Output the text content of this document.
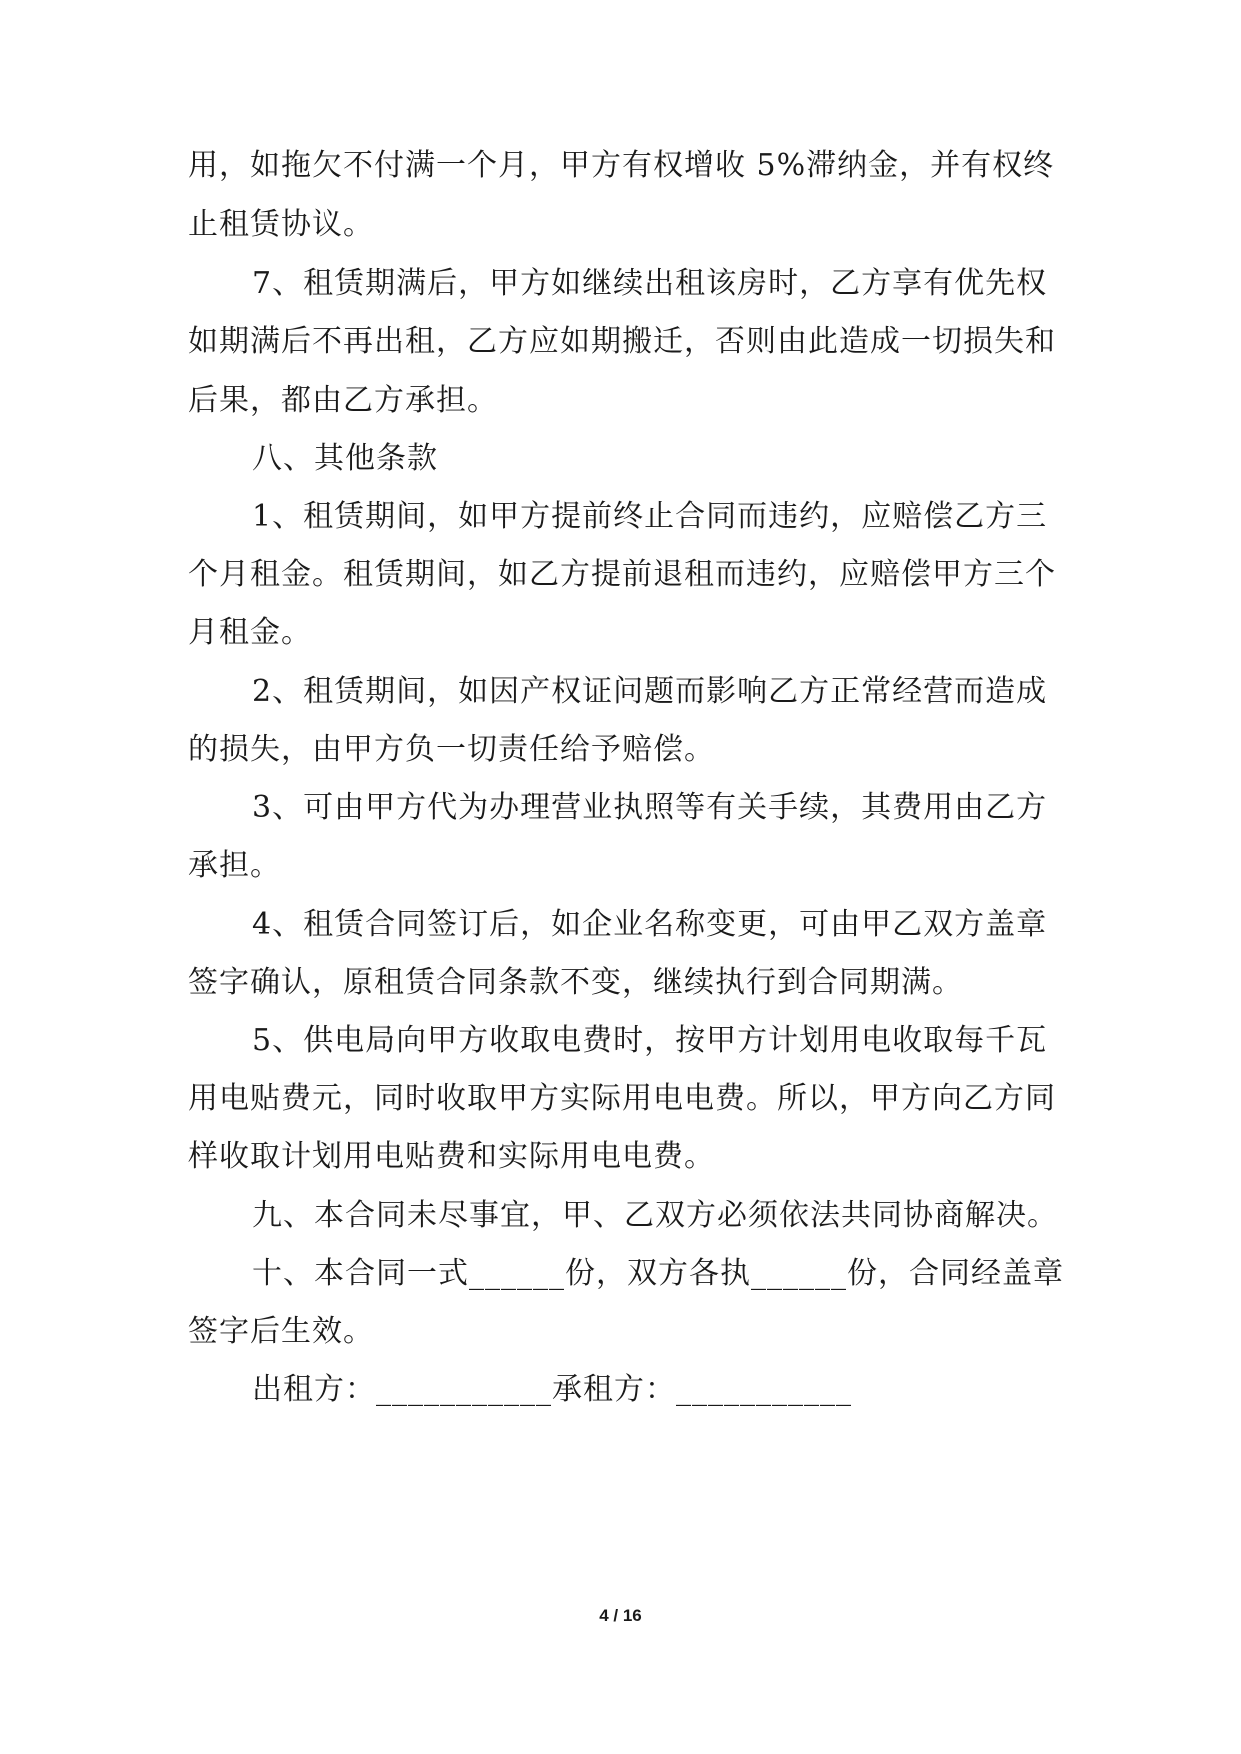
用，如拖欠不付满一个月，甲方有权增收 5%滞纳金，并有权终
止租赁协议。
7、租赁期满后，甲方如继续出租该房时，乙方享有优先权
如期满后不再出租，乙方应如期搬迁，否则由此造成一切损失和
后果，都由乙方承担。
八、其他条款
1、租赁期间，如甲方提前终止合同而违约，应赔偿乙方三
个月租金。租赁期间，如乙方提前退租而违约，应赔偿甲方三个
月租金。
2、租赁期间，如因产权证问题而影响乙方正常经营而造成
的损失，由甲方负一切责任给予赔偿。
3、可由甲方代为办理营业执照等有关手续，其费用由乙方
承担。
4、租赁合同签订后，如企业名称变更，可由甲乙双方盖章
签字确认，原租赁合同条款不变，继续执行到合同期满。
5、供电局向甲方收取电费时，按甲方计划用电收取每千瓦
用电贴费元，同时收取甲方实际用电电费。所以，甲方向乙方同
样收取计划用电贴费和实际用电电费。
九、本合同未尽事宜，甲、乙双方必须依法共同协商解决。
十、本合同一式______份，双方各执______份，合同经盖章
签字后生效。
出租方：___________承租方：___________
4 / 16
